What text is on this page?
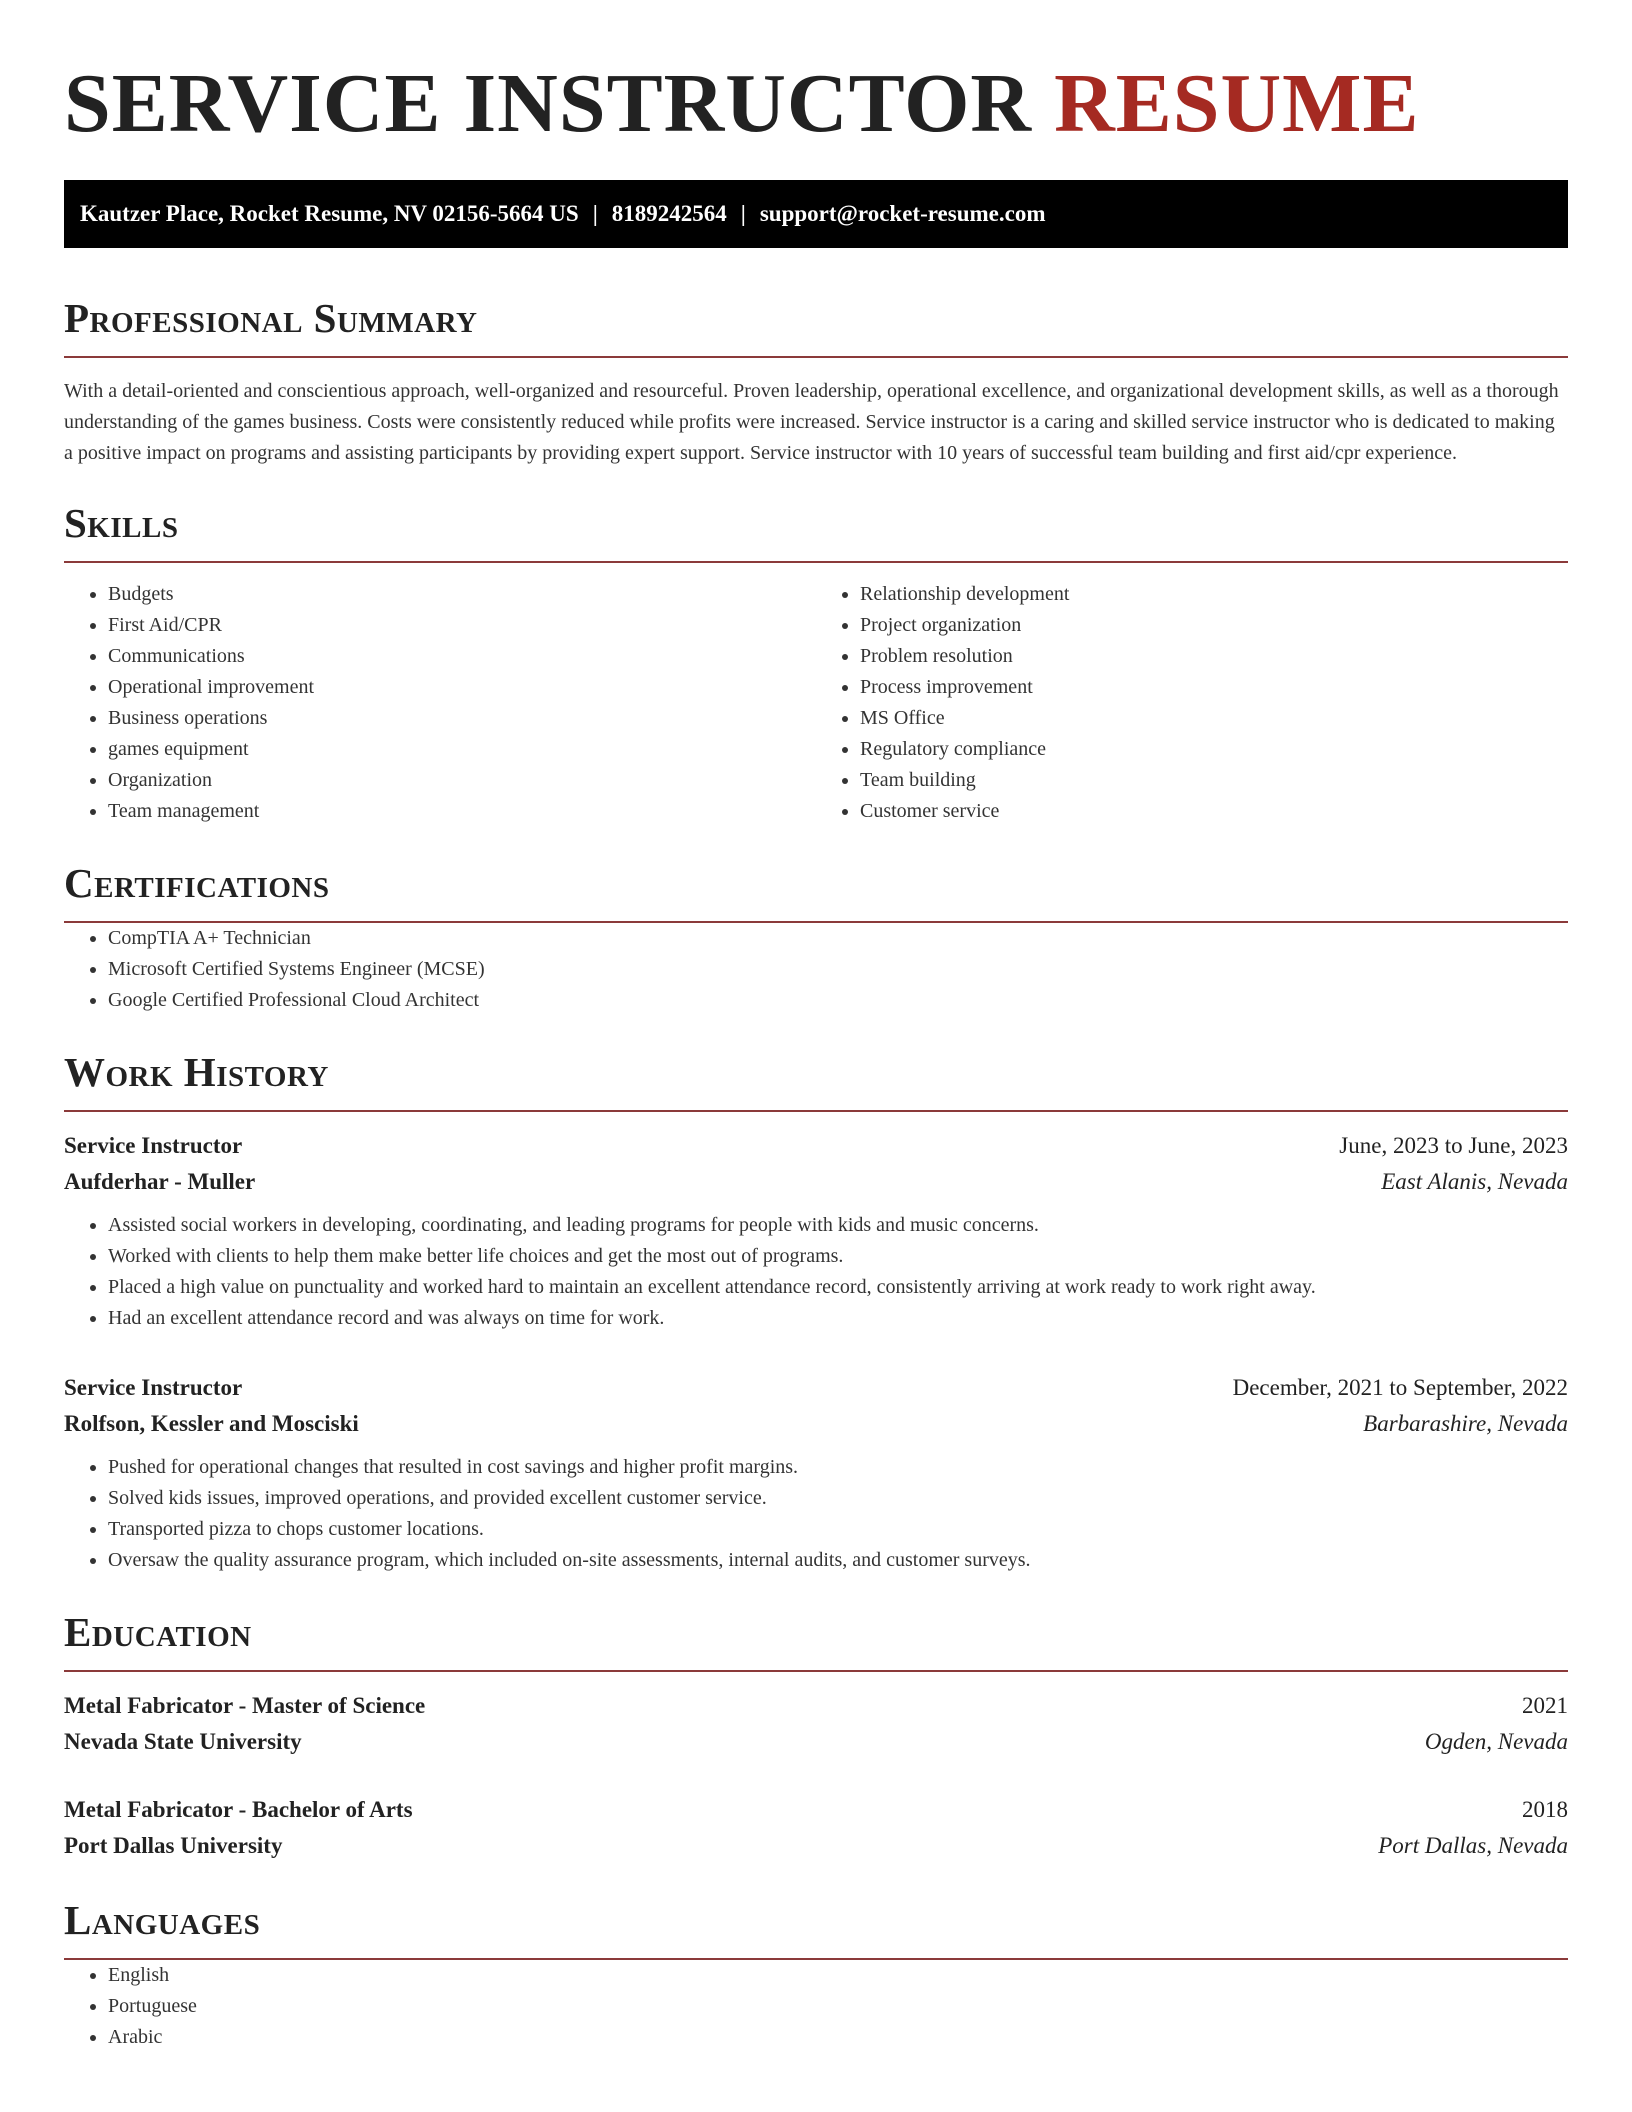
SERVICE INSTRUCTOR RESUME
Kautzer Place, Rocket Resume, NV 02156-5664 US | 8189242564 | support@rocket-resume.com
Professional Summary

With a detail-oriented and conscientious approach, well-organized and resourceful. Proven leadership, operational excellence, and organizational development skills, as well as a thorough understanding of the games business. Costs were consistently reduced while profits were increased. Service instructor is a caring and skilled service instructor who is dedicated to making a positive impact on programs and assisting participants by providing expert support. Service instructor with 10 years of successful team building and first aid/cpr experience.

Skills
• Budgets
• First Aid/CPR
• Communications
• Operational improvement
• Business operations
• games equipment
• Organization
• Team management
• Relationship development
• Project organization
• Problem resolution
• Process improvement
• MS Office
• Regulatory compliance
• Team building
• Customer service
Certifications
• CompTIA A+ Technician
• Microsoft Certified Systems Engineer (MCSE)
• Google Certified Professional Cloud Architect
Work History
Service Instructor	June, 2023 to June, 2023
Aufderhar - Muller	East Alanis, Nevada
• Assisted social workers in developing, coordinating, and leading programs for people with kids and music concerns.
• Worked with clients to help them make better life choices and get the most out of programs.
• Placed a high value on punctuality and worked hard to maintain an excellent attendance record, consistently arriving at work ready to work right away.
• Had an excellent attendance record and was always on time for work.
Service Instructor	December, 2021 to September, 2022
Rolfson, Kessler and Mosciski	Barbarashire, Nevada
• Pushed for operational changes that resulted in cost savings and higher profit margins.
• Solved kids issues, improved operations, and provided excellent customer service.
• Transported pizza to chops customer locations.
• Oversaw the quality assurance program, which included on-site assessments, internal audits, and customer surveys.
Education
Metal Fabricator - Master of Science	2021
Nevada State University	Ogden, Nevada
Metal Fabricator - Bachelor of Arts	2018
Port Dallas University	Port Dallas, Nevada
Languages
• English
• Portuguese
• Arabic
